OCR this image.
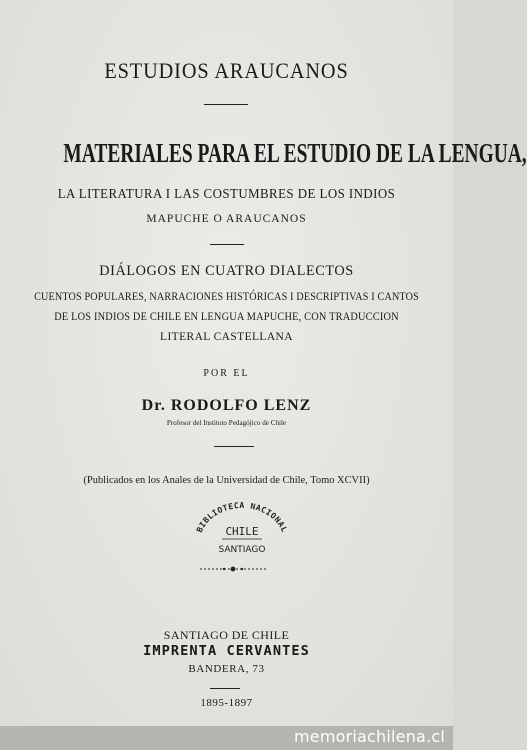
ESTUDIOS ARAUCANOS
MATERIALES PARA EL ESTUDIO DE LA LENGUA,
LA LITERATURA I LAS COSTUMBRES DE LOS INDIOS
MAPUCHE O ARAUCANOS
DIÁLOGOS EN CUATRO DIALECTOS
CUENTOS POPULARES, NARRACIONES HISTÓRICAS I DESCRIPTIVAS I CANTOS
DE LOS INDIOS DE CHILE EN LENGUA MAPUCHE, CON TRADUCCION
LITERAL CASTELLANA
POR EL
Dr. RODOLFO LENZ
Profesor del Instituto Pedagójico de Chile
(Publicados en los Anales de la Universidad de Chile, Tomo XCVII)
BIBLIOTECA NACIONAL
CHILE
SANTIAGO
SANTIAGO DE CHILE
IMPRENTA CERVANTES
BANDERA, 73
1895-1897
memoriachilena.cl
